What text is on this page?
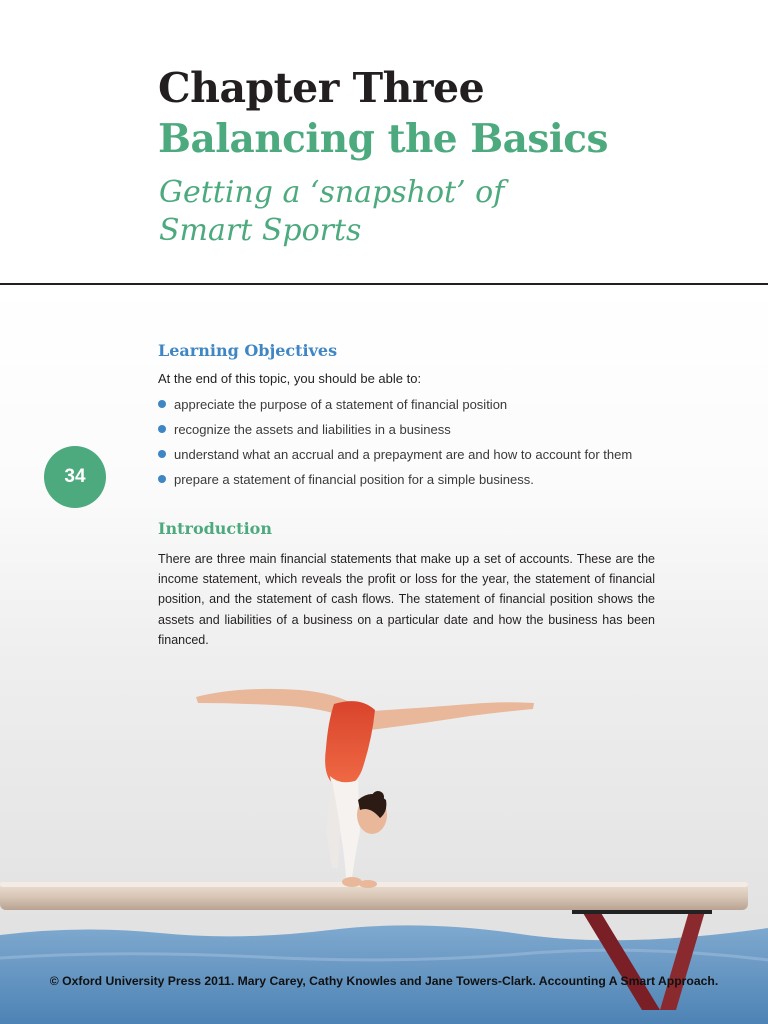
Chapter Three
Balancing the Basics
Getting a ‘snapshot’ of
Smart Sports
Learning Objectives
At the end of this topic, you should be able to:
appreciate the purpose of a statement of financial position
recognize the assets and liabilities in a business
understand what an accrual and a prepayment are and how to account for them
prepare a statement of financial position for a simple business.
34
Introduction

There are three main financial statements that make up a set of accounts. These are the income statement, which reveals the profit or loss for the year, the statement of financial position, and the statement of cash flows. The statement of financial position shows the assets and liabilities of a business on a particular date and how the business has been financed.

© Oxford University Press 2011. Mary Carey, Cathy Knowles and Jane Towers-Clark. Accounting A Smart Approach.
